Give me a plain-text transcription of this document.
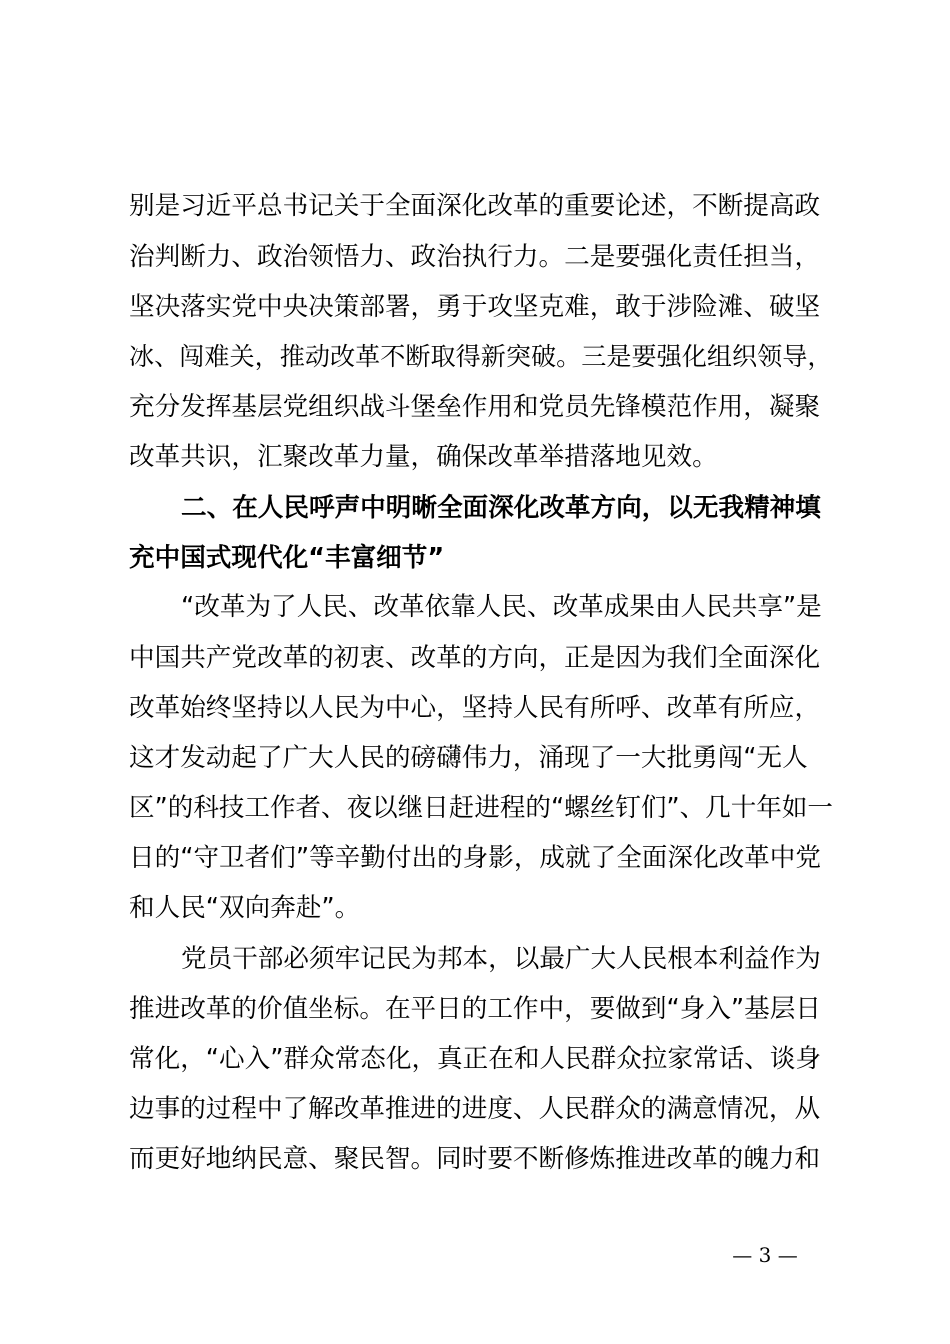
别是习近平总书记关于全面深化改革的重要论述，不断提高政
治判断力、政治领悟力、政治执行力。二是要强化责任担当，
坚决落实党中央决策部署，勇于攻坚克难，敢于涉险滩、破坚
冰、闯难关，推动改革不断取得新突破。三是要强化组织领导，
充分发挥基层党组织战斗堡垒作用和党员先锋模范作用，凝聚
改革共识，汇聚改革力量，确保改革举措落地见效。
二、在人民呼声中明晰全面深化改革方向，以无我精神填
充中国式现代化“丰富细节”
“改革为了人民、改革依靠人民、改革成果由人民共享”是
中国共产党改革的初衷、改革的方向，正是因为我们全面深化
改革始终坚持以人民为中心，坚持人民有所呼、改革有所应，
这才发动起了广大人民的磅礴伟力，涌现了一大批勇闯“无人
区”的科技工作者、夜以继日赶进程的“螺丝钉们”、几十年如一
日的“守卫者们”等辛勤付出的身影，成就了全面深化改革中党
和人民“双向奔赴”。
党员干部必须牢记民为邦本，以最广大人民根本利益作为
推进改革的价值坐标。在平日的工作中，要做到“身入”基层日
常化，“心入”群众常态化，真正在和人民群众拉家常话、谈身
边事的过程中了解改革推进的进度、人民群众的满意情况，从
而更好地纳民意、聚民智。同时要不断修炼推进改革的魄力和
— 3 —
